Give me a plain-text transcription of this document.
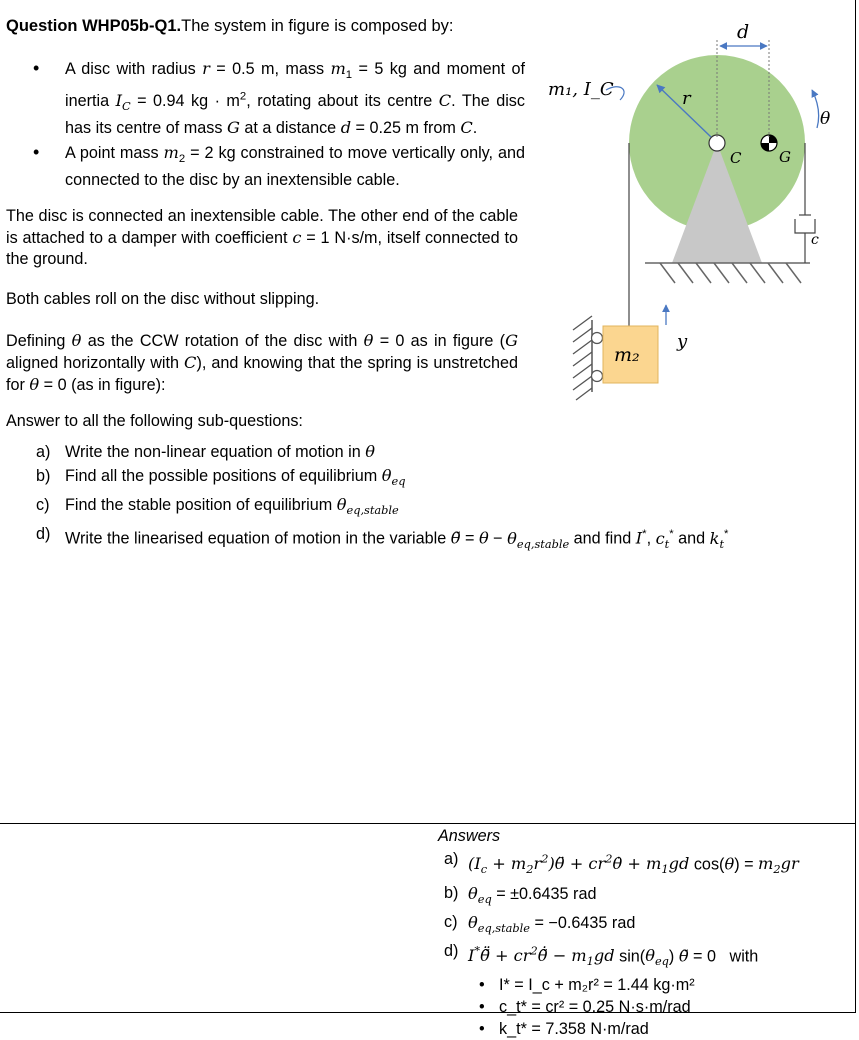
Question WHP05b-Q1.The system in figure is composed by:
• A disc with radius r = 0.5 m, mass $m_1 = 5$ kg and moment of inertia $I_C = 0.94$ kg · $m^2$, rotating about its centre C. The disc has its centre of mass G at a distance d = 0.25 m from C.
• A point mass $m_2 = 2$ kg constrained to move vertically only, and connected to the disc by an inextensible cable.
The disc is connected an inextensible cable. The other end of the cable is attached to a damper with coefficient c = 1 N·s/m, itself connected to the ground.
Both cables roll on the disc without slipping.
Defining θ as the CCW rotation of the disc with θ = 0 as in figure (G aligned horizontally with C), and knowing that the spring is unstretched for θ = 0 (as in figure):
Answer to all the following sub-questions:
a) Write the non-linear equation of motion in θ
b) Find all the possible positions of equilibrium $\theta_{eq}$
c) Find the stable position of equilibrium $\theta_{eq,stable}$
d) Write the linearised equation of motion in the variable θ̃ = $\theta - \theta_{eq,stable}$ and find I*, $c_t^*$ and $k_t^*$
m₁, I_C	r
d
θ
C	G
c
y
m₂
Answers
a) ($I_c$ + $m_2r^2)\thetä$ + $cr^2\thetȧ + m_1gd$ $\cos(\theta) = m_2gr$
b) $\theta_{eq} = \pm 0.6435$ rad
c) $\theta_{eq,stable} = -0.6435$ rad
d) I*θ̃̈ + $cr^2\thetã̇ - m_1gd$ $\sin(\theta_{eq})$ θ̃ = 0   with
• I* = I_c + m₂r² = 1.44 kg·m²
• c_t* = cr² = 0.25 N·s·m/rad
• k_t* = 7.358 N·m/rad
